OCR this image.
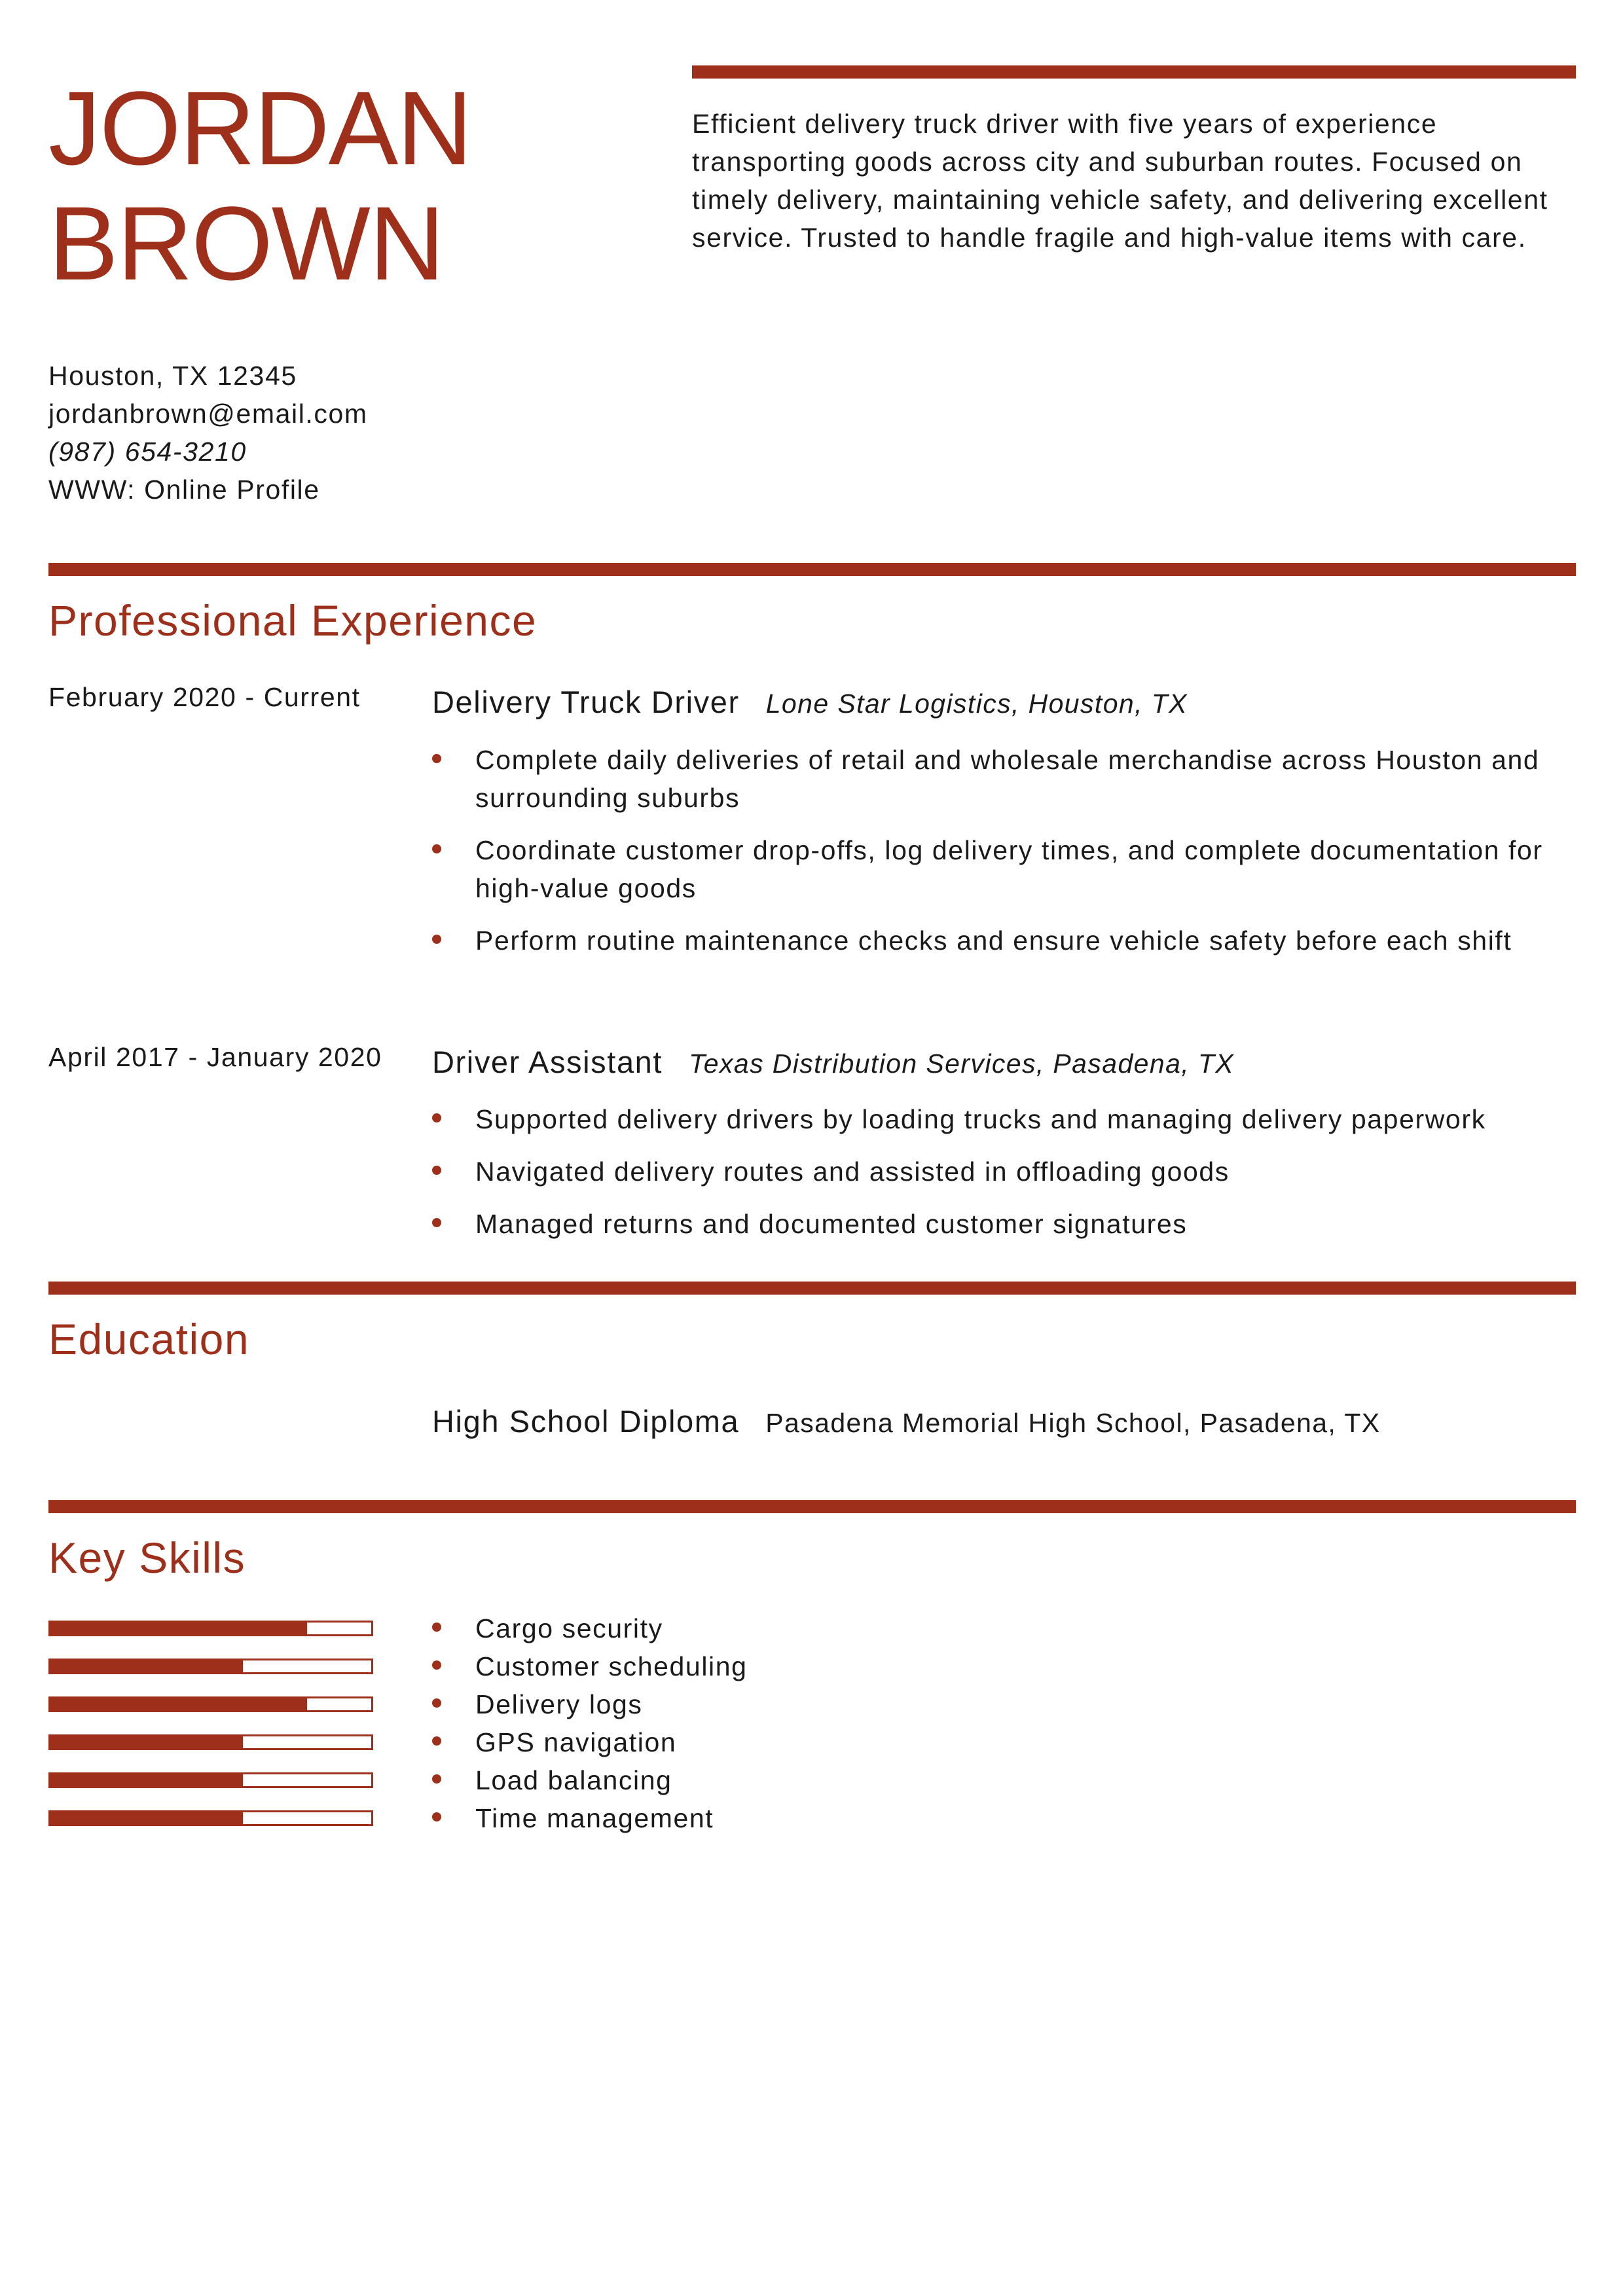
JORDAN
BROWN

Efficient delivery truck driver with five years of experience transporting goods across city and suburban routes. Focused on timely delivery, maintaining vehicle safety, and delivering excellent service. Trusted to handle fragile and high-value items with care.

Houston, TX 12345
jordanbrown@email.com
(987) 654-3210
WWW: Online Profile
Professional Experience
February 2020 - Current	Delivery Truck Driver Lone Star Logistics, Houston, TX
Complete daily deliveries of retail and wholesale merchandise across Houston and surrounding suburbs
Coordinate customer drop-offs, log delivery times, and complete documentation for high-value goods
Perform routine maintenance checks and ensure vehicle safety before each shift
April 2017 - January 2020 Driver Assistant Texas Distribution Services, Pasadena, TX
Supported delivery drivers by loading trucks and managing delivery paperwork
Navigated delivery routes and assisted in offloading goods
Managed returns and documented customer signatures
Education
High School Diploma Pasadena Memorial High School, Pasadena, TX
Key Skills
Cargo security
Customer scheduling
Delivery logs
GPS navigation
Load balancing
Time management
